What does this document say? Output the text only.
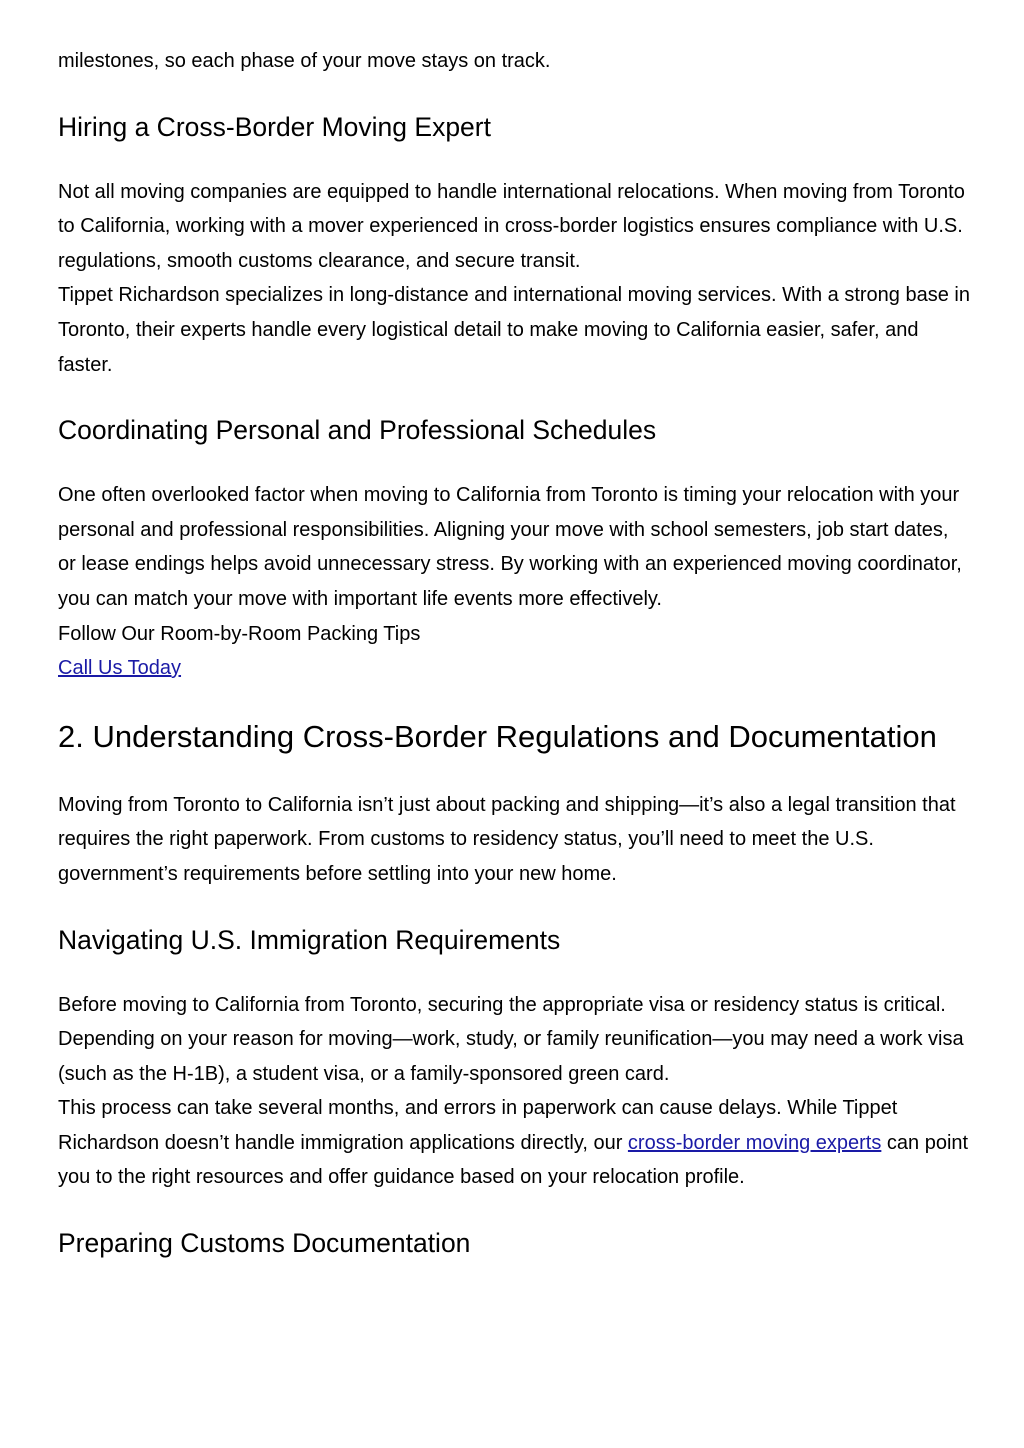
milestones, so each phase of your move stays on track.

Hiring a Cross-Border Moving Expert

Not all moving companies are equipped to handle international relocations. When moving from Toronto to California, working with a mover experienced in cross-border logistics ensures compliance with U.S. regulations, smooth customs clearance, and secure transit.

Tippet Richardson specializes in long-distance and international moving services. With a strong base in Toronto, their experts handle every logistical detail to make moving to California easier, safer, and faster.

Coordinating Personal and Professional Schedules

One often overlooked factor when moving to California from Toronto is timing your relocation with your personal and professional responsibilities. Aligning your move with school semesters, job start dates, or lease endings helps avoid unnecessary stress. By working with an experienced moving coordinator, you can match your move with important life events more effectively.

Follow Our Room-by-Room Packing Tips

Call Us Today

2. Understanding Cross-Border Regulations and Documentation

Moving from Toronto to California isn’t just about packing and shipping—it’s also a legal transition that requires the right paperwork. From customs to residency status, you’ll need to meet the U.S. government’s requirements before settling into your new home.

Navigating U.S. Immigration Requirements

Before moving to California from Toronto, securing the appropriate visa or residency status is critical. Depending on your reason for moving—work, study, or family reunification—you may need a work visa (such as the H-1B), a student visa, or a family-sponsored green card.

This process can take several months, and errors in paperwork can cause delays. While Tippet Richardson doesn’t handle immigration applications directly, our cross-border moving experts can point you to the right resources and offer guidance based on your relocation profile.

Preparing Customs Documentation
